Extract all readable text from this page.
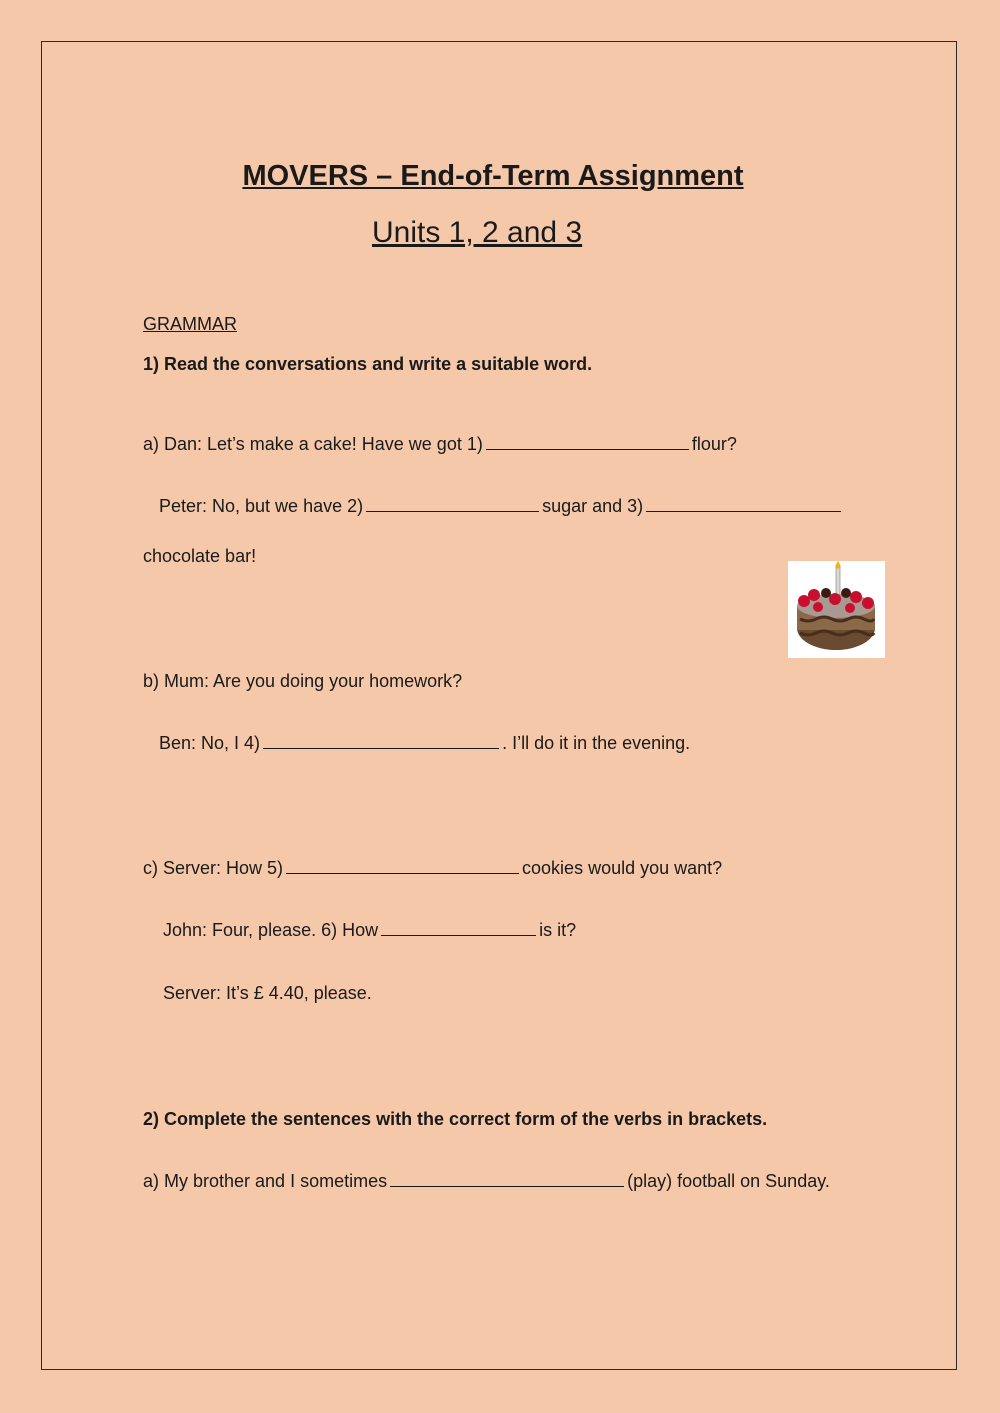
MOVERS – End-of-Term Assignment
Units 1, 2 and 3
GRAMMAR
1) Read the conversations and write a suitable word.
a) Dan: Let’s make a cake! Have we got 1)	flour?
Peter: No, but we have 2)	sugar and 3)
chocolate bar!
b) Mum: Are you doing your homework?
Ben: No, I 4)	. I’ll do it in the evening.
c) Server: How 5)	cookies would you want?
John: Four, please. 6) How	is it?
Server: It’s £ 4.40, please.
2) Complete the sentences with the correct form of the verbs in brackets.
a) My brother and I sometimes	(play) football on Sunday.
